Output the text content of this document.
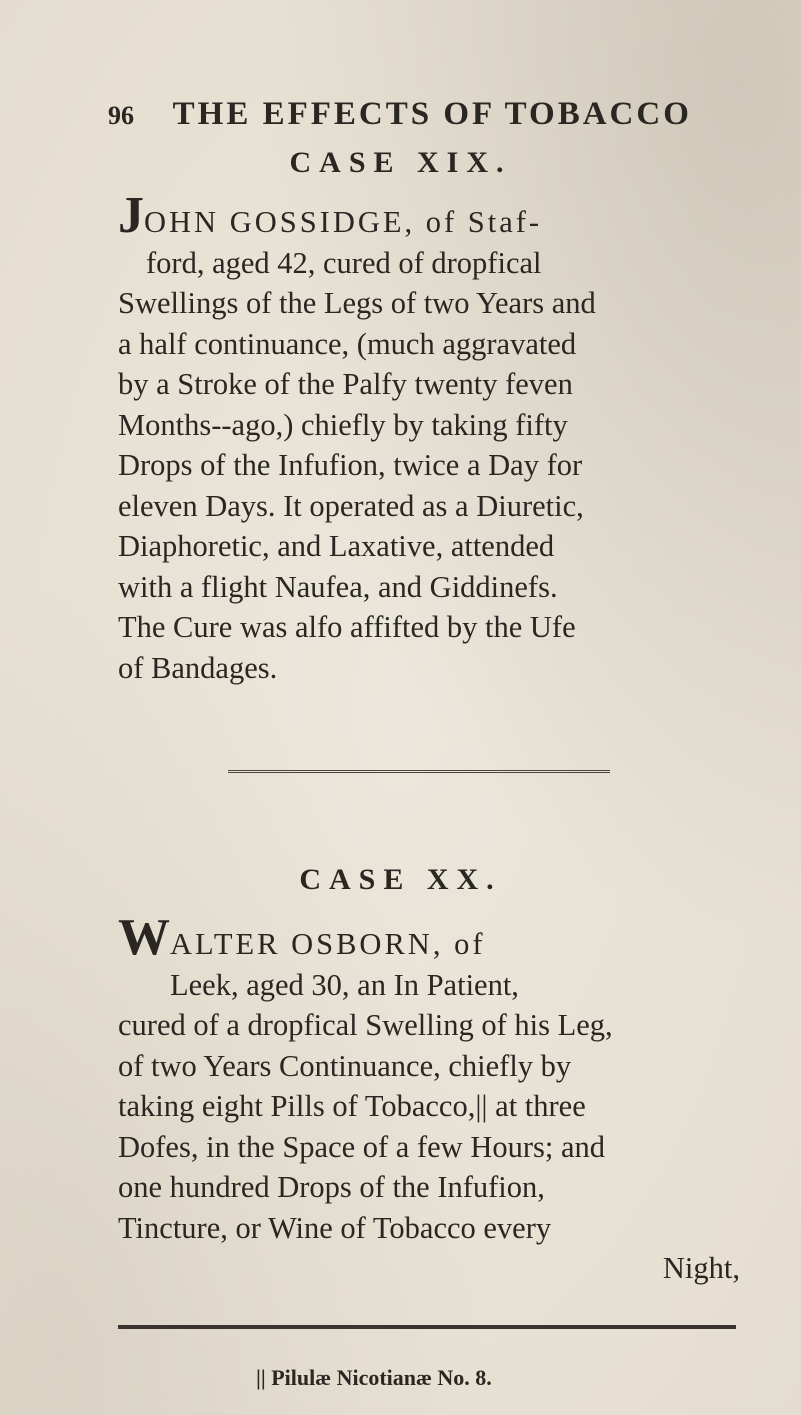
96 THE EFFECTS OF TOBACCO
CASE XIX.
JOHN GOSSIDGE, of Staf-
ford, aged 42, cured of dropfical
Swellings of the Legs of two Years and
a half continuance, (much aggravated
by a Stroke of the Palfy twenty feven
Months--ago,) chiefly by taking fifty
Drops of the Infufion, twice a Day for
eleven Days. It operated as a Diuretic,
Diaphoretic, and Laxative, attended
with a flight Naufea, and Giddinefs.
The Cure was alfo affifted by the Ufe
of Bandages.
CASE XX.
WALTER OSBORN, of
Leek, aged 30, an In Patient,
cured of a dropfical Swelling of his Leg,
of two Years Continuance, chiefly by
taking eight Pills of Tobacco,|| at three
Dofes, in the Space of a few Hours; and
one hundred Drops of the Infufion,
Tincture, or Wine of Tobacco every
Night,
|| Pilulæ Nicotianæ No. 8.
